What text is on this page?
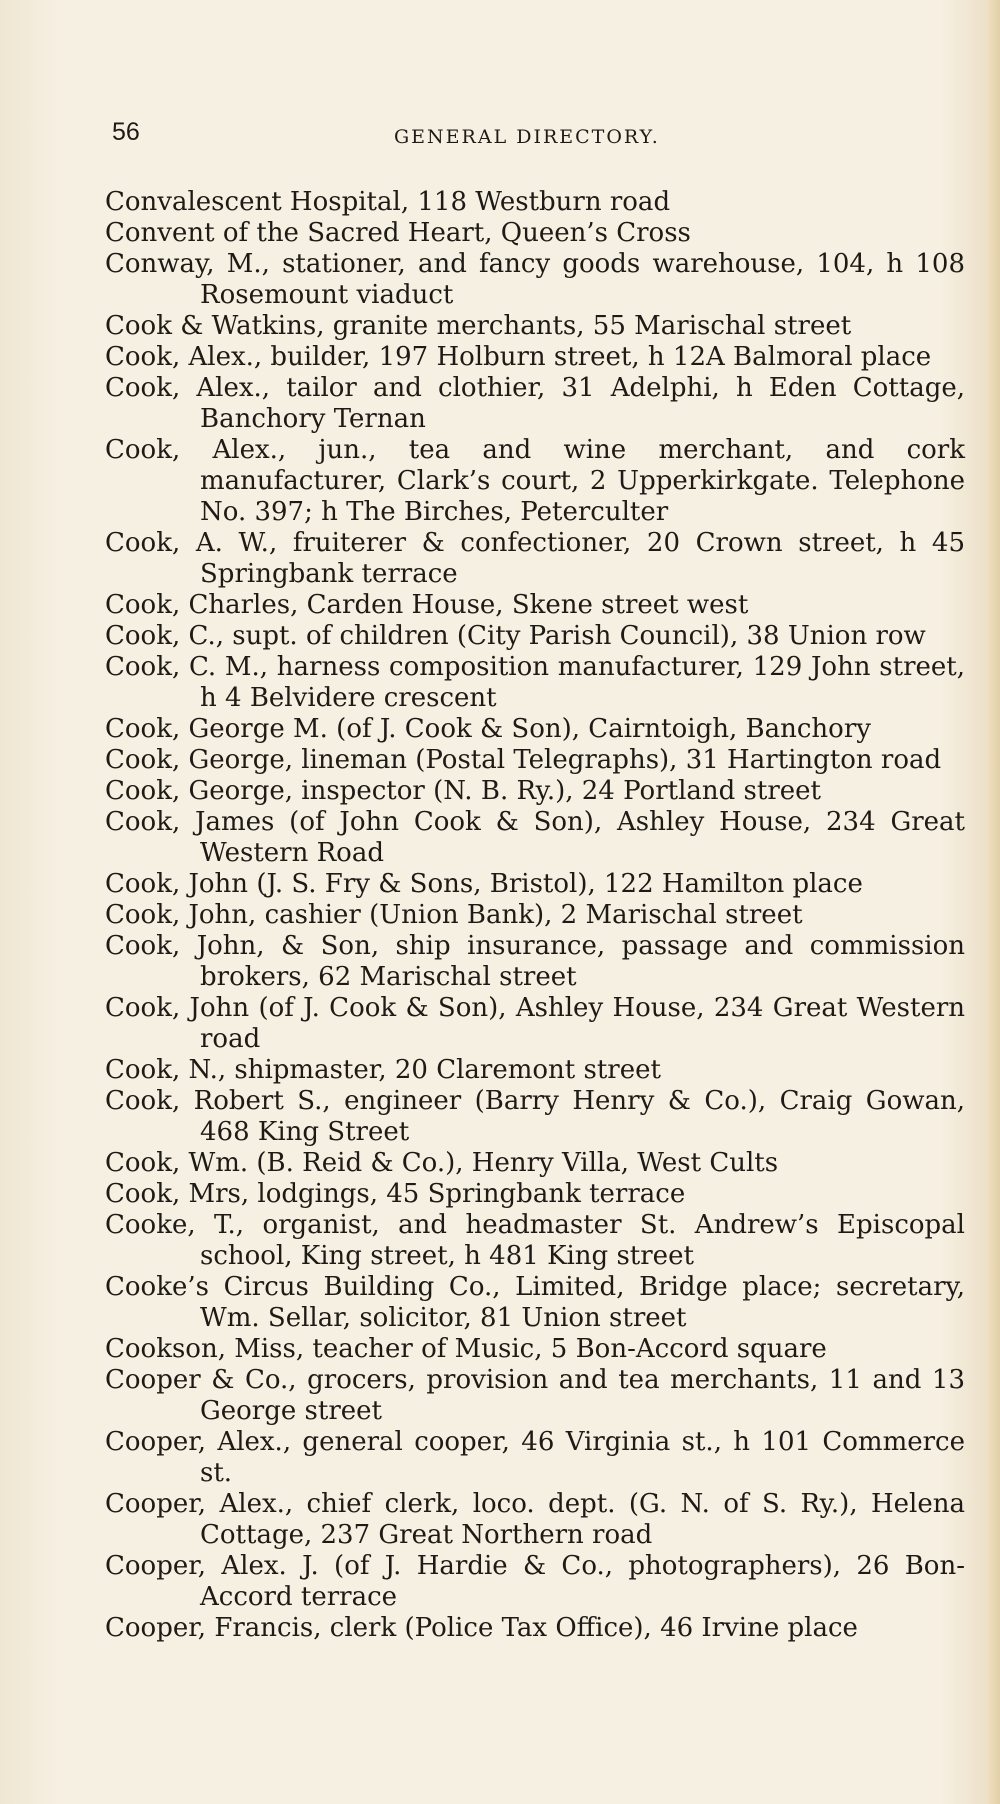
56	GENERAL DIRECTORY.
Convalescent Hospital, 118 Westburn road
Convent of the Sacred Heart, Queen’s Cross
Conway, M., stationer, and fancy goods warehouse, 104, h 108 Rosemount viaduct
Cook & Watkins, granite merchants, 55 Marischal street
Cook, Alex., builder, 197 Holburn street, h 12A Balmoral place
Cook, Alex., tailor and clothier, 31 Adelphi, h Eden Cottage, Banchory Ternan
Cook, Alex., jun., tea and wine merchant, and cork manufacturer, Clark’s court, 2 Upperkirkgate. Telephone No. 397; h The Birches, Peterculter
Cook, A. W., fruiterer & confectioner, 20 Crown street, h 45 Springbank terrace
Cook, Charles, Carden House, Skene street west
Cook, C., supt. of children (City Parish Council), 38 Union row
Cook, C. M., harness composition manufacturer, 129 John street, h 4 Belvidere crescent
Cook, George M. (of J. Cook & Son), Cairntoigh, Banchory
Cook, George, lineman (Postal Telegraphs), 31 Hartington road
Cook, George, inspector (N. B. Ry.), 24 Portland street
Cook, James (of John Cook & Son), Ashley House, 234 Great Western Road
Cook, John (J. S. Fry & Sons, Bristol), 122 Hamilton place
Cook, John, cashier (Union Bank), 2 Marischal street
Cook, John, & Son, ship insurance, passage and commission brokers, 62 Marischal street
Cook, John (of J. Cook & Son), Ashley House, 234 Great Western road
Cook, N., shipmaster, 20 Claremont street
Cook, Robert S., engineer (Barry Henry & Co.), Craig Gowan, 468 King Street
Cook, Wm. (B. Reid & Co.), Henry Villa, West Cults
Cook, Mrs, lodgings, 45 Springbank terrace
Cooke, T., organist, and headmaster St. Andrew’s Episcopal school, King street, h 481 King street
Cooke’s Circus Building Co., Limited, Bridge place; secretary, Wm. Sellar, solicitor, 81 Union street
Cookson, Miss, teacher of Music, 5 Bon-Accord square
Cooper & Co., grocers, provision and tea merchants, 11 and 13 George street
Cooper, Alex., general cooper, 46 Virginia st., h 101 Commerce st.
Cooper, Alex., chief clerk, loco. dept. (G. N. of S. Ry.), Helena Cottage, 237 Great Northern road
Cooper, Alex. J. (of J. Hardie & Co., photographers), 26 Bon-Accord terrace
Cooper, Francis, clerk (Police Tax Office), 46 Irvine place
